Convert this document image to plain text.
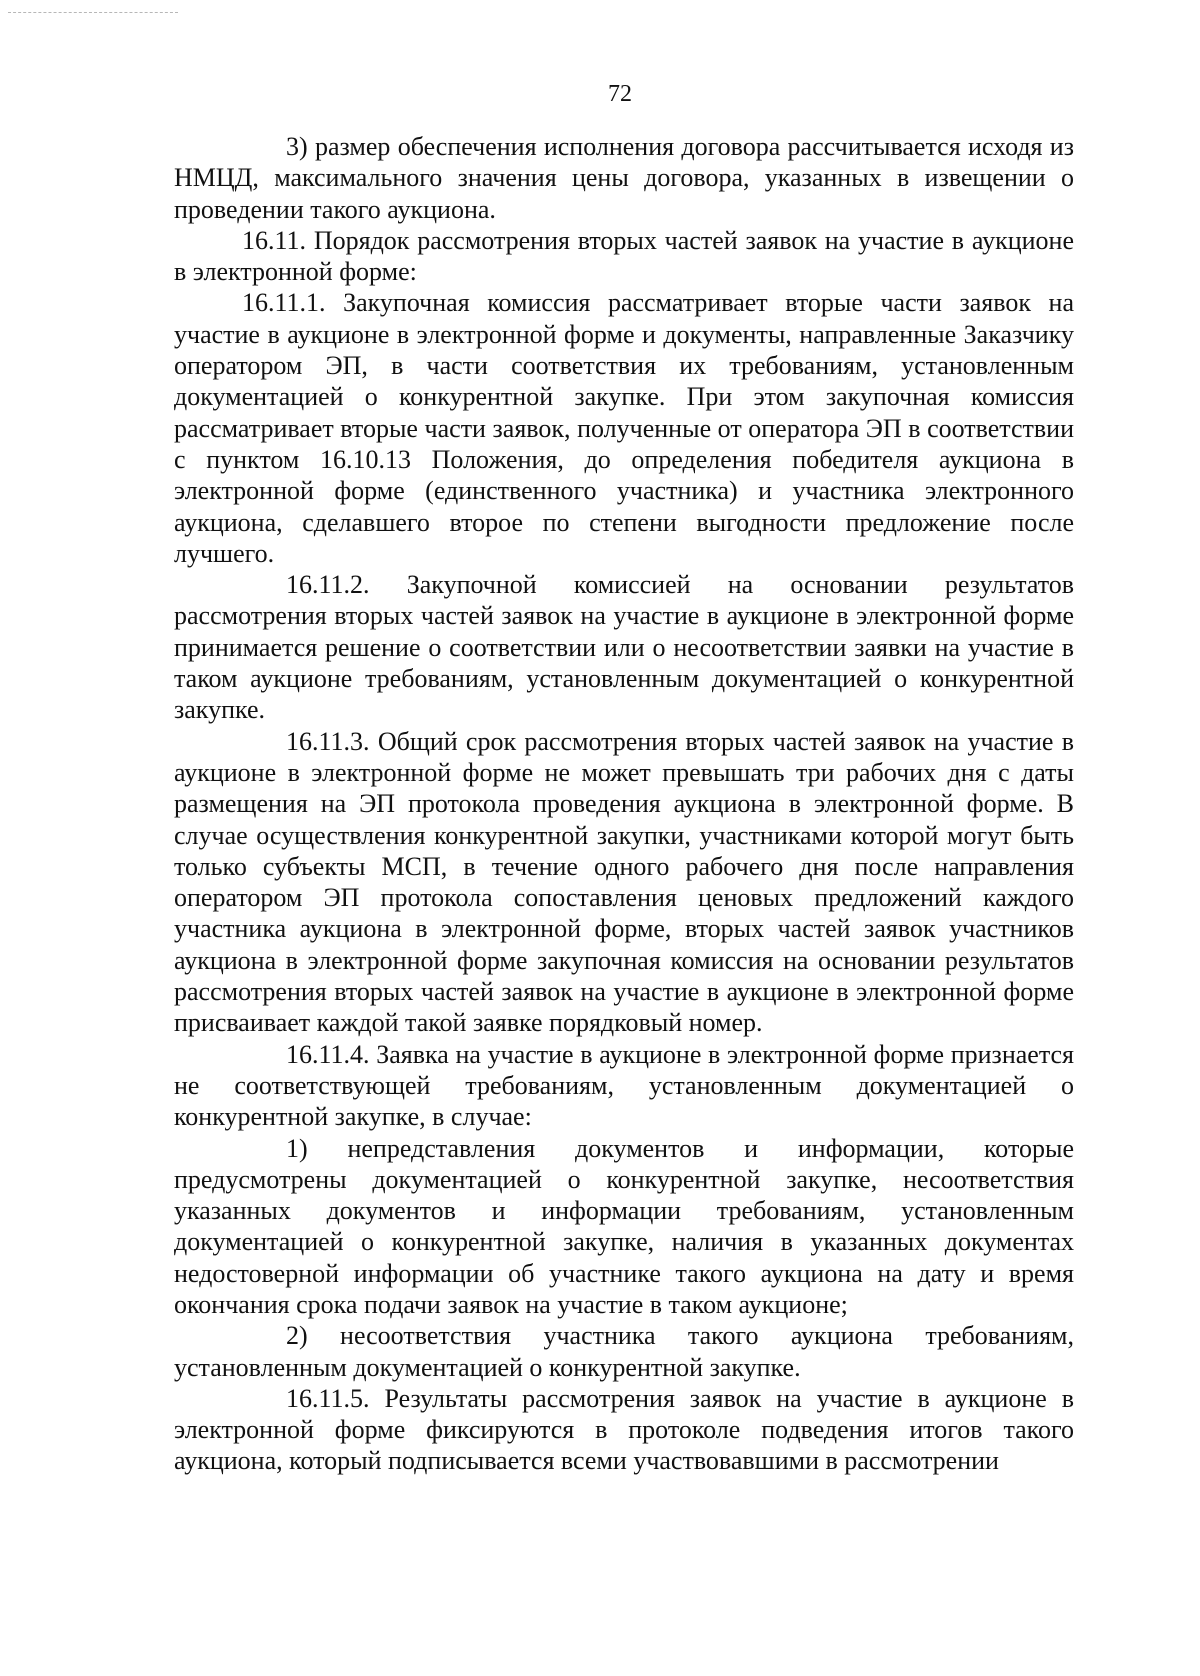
72

3) размер обеспечения исполнения договора рассчитывается исходя из НМЦД, максимального значения цены договора, указанных в извещении о проведении такого аукциона.

16.11. Порядок рассмотрения вторых частей заявок на участие в аукционе в электронной форме:

16.11.1. Закупочная комиссия рассматривает вторые части заявок на участие в аукционе в электронной форме и документы, направленные Заказчику оператором ЭП, в части соответствия их требованиям, установленным документацией о конкурентной закупке. При этом закупочная комиссия рассматривает вторые части заявок, полученные от оператора ЭП в соответствии с пунктом 16.10.13 Положения, до определения победителя аукциона в электронной форме (единственного участника) и участника электронного аукциона, сделавшего второе по степени выгодности предложение после лучшего.

16.11.2. Закупочной комиссией на основании результатов рассмотрения вторых частей заявок на участие в аукционе в электронной форме принимается решение о соответствии или о несоответствии заявки на участие в таком аукционе требованиям, установленным документацией о конкурентной закупке.

16.11.3. Общий срок рассмотрения вторых частей заявок на участие в аукционе в электронной форме не может превышать три рабочих дня с даты размещения на ЭП протокола проведения аукциона в электронной форме. В случае осуществления конкурентной закупки, участниками которой могут быть только субъекты МСП, в течение одного рабочего дня после направления оператором ЭП протокола сопоставления ценовых предложений каждого участника аукциона в электронной форме, вторых частей заявок участников аукциона в электронной форме закупочная комиссия на основании результатов рассмотрения вторых частей заявок на участие в аукционе в электронной форме присваивает каждой такой заявке порядковый номер.

16.11.4. Заявка на участие в аукционе в электронной форме признается не соответствующей требованиям, установленным документацией о конкурентной закупке, в случае:

1) непредставления документов и информации, которые предусмотрены документацией о конкурентной закупке, несоответствия указанных документов и информации требованиям, установленным документацией о конкурентной закупке, наличия в указанных документах недостоверной информации об участнике такого аукциона на дату и время окончания срока подачи заявок на участие в таком аукционе;

2) несоответствия участника такого аукциона требованиям, установленным документацией о конкурентной закупке.

16.11.5. Результаты рассмотрения заявок на участие в аукционе в электронной форме фиксируются в протоколе подведения итогов такого аукциона, который подписывается всеми участвовавшими в рассмотрении
